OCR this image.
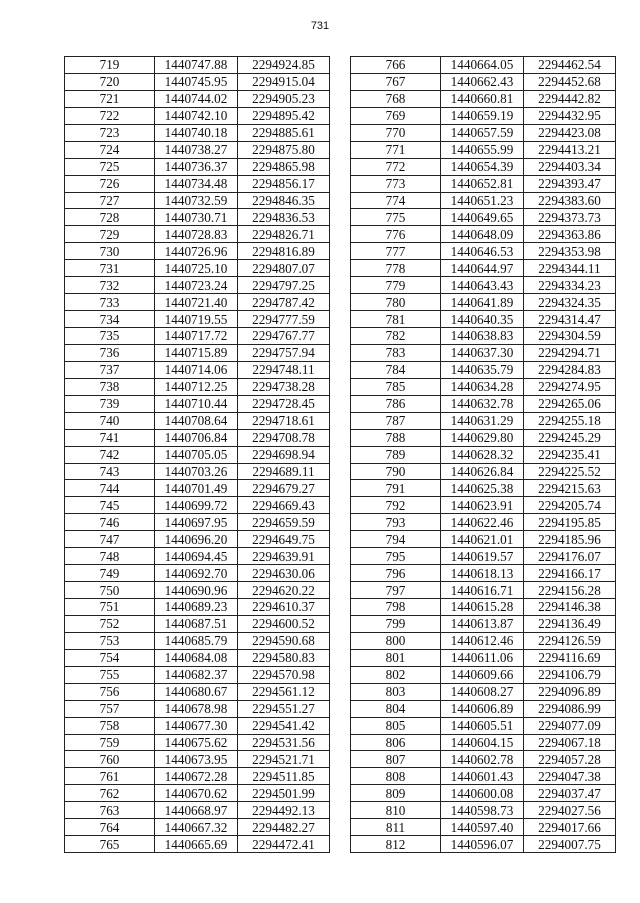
731
719	1440747.88	2294924.85
720	1440745.95	2294915.04
721	1440744.02	2294905.23
722	1440742.10	2294895.42
723	1440740.18	2294885.61
724	1440738.27	2294875.80
725	1440736.37	2294865.98
726	1440734.48	2294856.17
727	1440732.59	2294846.35
728	1440730.71	2294836.53
729	1440728.83	2294826.71
730	1440726.96	2294816.89
731	1440725.10	2294807.07
732	1440723.24	2294797.25
733	1440721.40	2294787.42
734	1440719.55	2294777.59
735	1440717.72	2294767.77
736	1440715.89	2294757.94
737	1440714.06	2294748.11
738	1440712.25	2294738.28
739	1440710.44	2294728.45
740	1440708.64	2294718.61
741	1440706.84	2294708.78
742	1440705.05	2294698.94
743	1440703.26	2294689.11
744	1440701.49	2294679.27
745	1440699.72	2294669.43
746	1440697.95	2294659.59
747	1440696.20	2294649.75
748	1440694.45	2294639.91
749	1440692.70	2294630.06
750	1440690.96	2294620.22
751	1440689.23	2294610.37
752	1440687.51	2294600.52
753	1440685.79	2294590.68
754	1440684.08	2294580.83
755	1440682.37	2294570.98
756	1440680.67	2294561.12
757	1440678.98	2294551.27
758	1440677.30	2294541.42
759	1440675.62	2294531.56
760	1440673.95	2294521.71
761	1440672.28	2294511.85
762	1440670.62	2294501.99
763	1440668.97	2294492.13
764	1440667.32	2294482.27
765	1440665.69	2294472.41
766	1440664.05	2294462.54
767	1440662.43	2294452.68
768	1440660.81	2294442.82
769	1440659.19	2294432.95
770	1440657.59	2294423.08
771	1440655.99	2294413.21
772	1440654.39	2294403.34
773	1440652.81	2294393.47
774	1440651.23	2294383.60
775	1440649.65	2294373.73
776	1440648.09	2294363.86
777	1440646.53	2294353.98
778	1440644.97	2294344.11
779	1440643.43	2294334.23
780	1440641.89	2294324.35
781	1440640.35	2294314.47
782	1440638.83	2294304.59
783	1440637.30	2294294.71
784	1440635.79	2294284.83
785	1440634.28	2294274.95
786	1440632.78	2294265.06
787	1440631.29	2294255.18
788	1440629.80	2294245.29
789	1440628.32	2294235.41
790	1440626.84	2294225.52
791	1440625.38	2294215.63
792	1440623.91	2294205.74
793	1440622.46	2294195.85
794	1440621.01	2294185.96
795	1440619.57	2294176.07
796	1440618.13	2294166.17
797	1440616.71	2294156.28
798	1440615.28	2294146.38
799	1440613.87	2294136.49
800	1440612.46	2294126.59
801	1440611.06	2294116.69
802	1440609.66	2294106.79
803	1440608.27	2294096.89
804	1440606.89	2294086.99
805	1440605.51	2294077.09
806	1440604.15	2294067.18
807	1440602.78	2294057.28
808	1440601.43	2294047.38
809	1440600.08	2294037.47
810	1440598.73	2294027.56
811	1440597.40	2294017.66
812	1440596.07	2294007.75
